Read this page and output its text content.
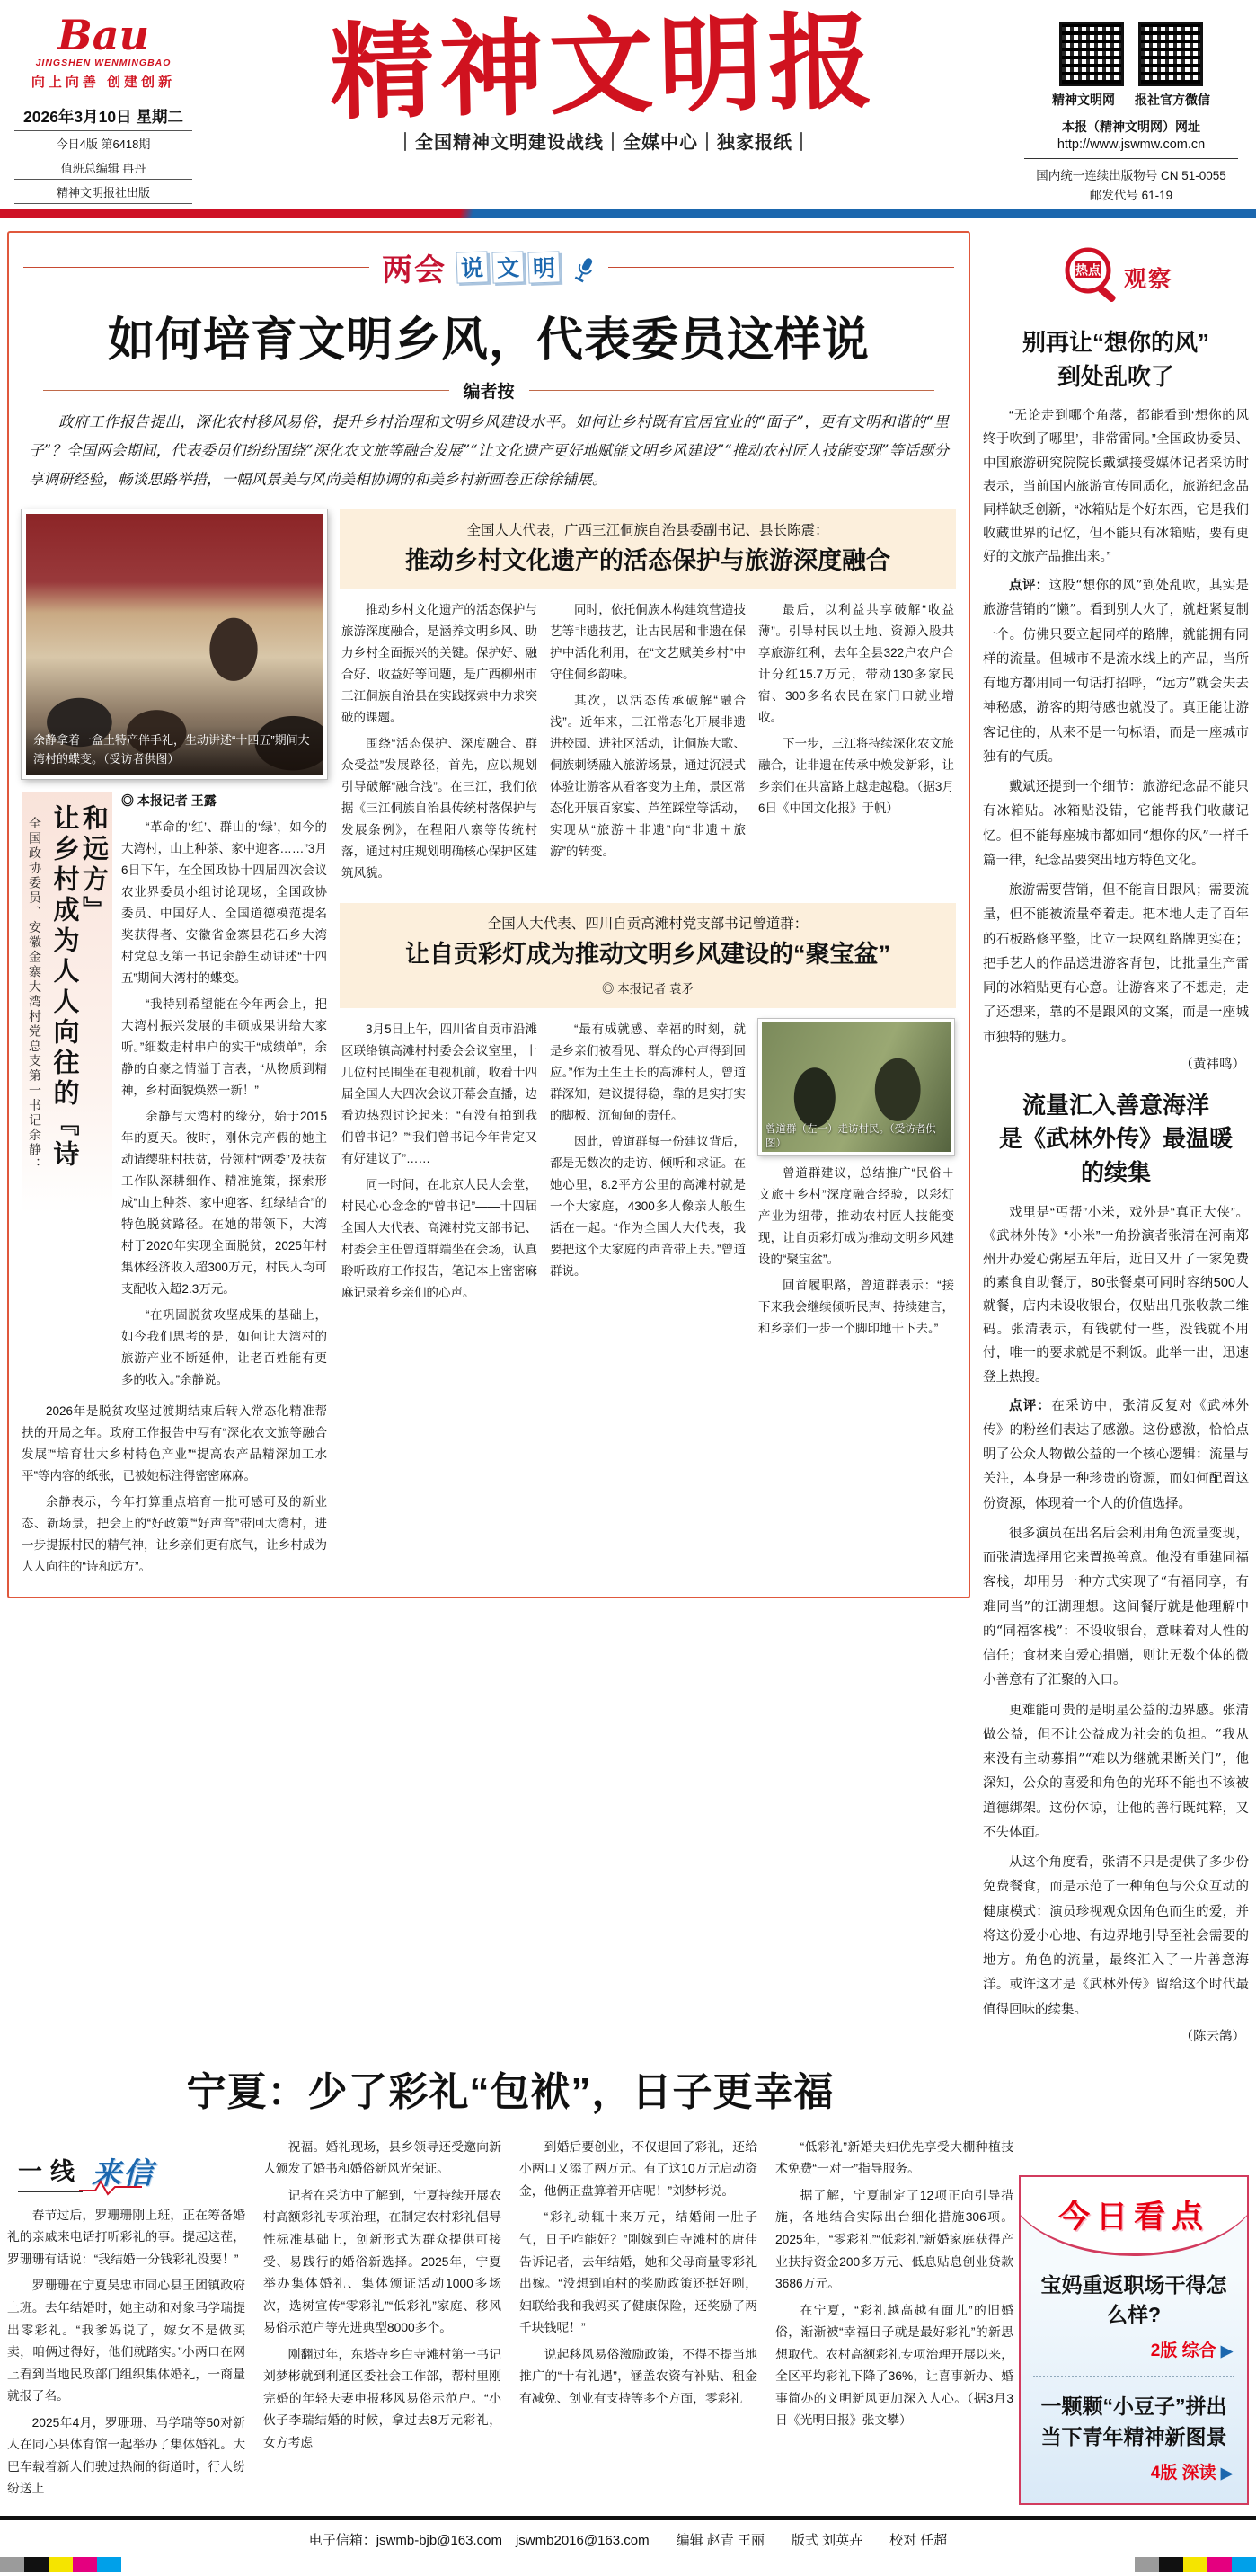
Bau
JINGSHEN WENMINGBAO
向上向善 创建创新
2026年3月10日 星期二
今日4版 第6418期
值班总编辑 冉丹
精神文明报社出版
精神文明报
｜全国精神文明建设战线｜全媒中心｜独家报纸｜
精神文明网 报社官方微信
本报（精神文明网）网址
http://www.jswmw.com.cn
国内统一连续出版物号 CN 51-0055
邮发代号 61-19
两会 说 文 明
如何培育文明乡风，代表委员这样说
编者按

政府工作报告提出，深化农村移风易俗，提升乡村治理和文明乡风建设水平。如何让乡村既有宜居宜业的“面子”，更有文明和谐的“里子”？全国两会期间，代表委员们纷纷围绕“深化农文旅等融合发展”“让文化遗产更好地赋能文明乡风建设”“推动农村匠人技能变现”等话题分享调研经验，畅谈思路举措，一幅风景美与风尚美相协调的和美乡村新画卷正徐徐铺展。

余静拿着一盒土特产伴手礼，生动讲述“十四五”期间大湾村的蝶变。（受访者供图）
全国政协委员、安徽金寨大湾村党总支第一书记余静： 让乡村成为人人向往的『诗和远方』
◎ 本报记者 王露

“革命的‘红’、群山的‘绿’，如今的大湾村，山上种茶、家中迎客……”3月6日下午，在全国政协十四届四次会议农业界委员小组讨论现场，全国政协委员、中国好人、全国道德模范提名奖获得者、安徽省金寨县花石乡大湾村党总支第一书记余静生动讲述“十四五”期间大湾村的蝶变。

“我特别希望能在今年两会上，把大湾村振兴发展的丰硕成果讲给大家听。”细数走村串户的实干“成绩单”，余静的自豪之情溢于言表，“从物质到精神，乡村面貌焕然一新！”

余静与大湾村的缘分，始于2015年的夏天。彼时，刚休完产假的她主动请缨驻村扶贫，带领村“两委”及扶贫工作队深耕细作、精准施策，探索形成“山上种茶、家中迎客、红绿结合”的特色脱贫路径。在她的带领下，大湾村于2020年实现全面脱贫，2025年村集体经济收入超300万元，村民人均可支配收入超2.3万元。

“在巩固脱贫攻坚成果的基础上，如今我们思考的是，如何让大湾村的旅游产业不断延伸，让老百姓能有更多的收入。”余静说。

2026年是脱贫攻坚过渡期结束后转入常态化精准帮扶的开局之年。政府工作报告中写有“深化农文旅等融合发展”“培育壮大乡村特色产业”“提高农产品精深加工水平”等内容的纸张，已被她标注得密密麻麻。

余静表示，今年打算重点培育一批可感可及的新业态、新场景，把会上的“好政策”“好声音”带回大湾村，进一步提振村民的精气神，让乡亲们更有底气，让乡村成为人人向往的“诗和远方”。

全国人大代表，广西三江侗族自治县委副书记、县长陈震：
推动乡村文化遗产的活态保护与旅游深度融合

推动乡村文化遗产的活态保护与旅游深度融合，是涵养文明乡风、助力乡村全面振兴的关键。保护好、融合好、收益好等问题，是广西柳州市三江侗族自治县在实践探索中力求突破的课题。

围绕“活态保护、深度融合、群众受益”发展路径，首先，应以规划引导破解“融合浅”。在三江，我们依据《三江侗族自治县传统村落保护与发展条例》，在程阳八寨等传统村落，通过村庄规划明确核心保护区建筑风貌。

同时，依托侗族木构建筑营造技艺等非遗技艺，让古民居和非遗在保护中活化利用，在“文艺赋美乡村”中守住侗乡韵味。

其次，以活态传承破解“融合浅”。近年来，三江常态化开展非遗进校园、进社区活动，让侗族大歌、侗族刺绣融入旅游场景，通过沉浸式体验让游客从看客变为主角，景区常态化开展百家宴、芦笙踩堂等活动，实现从“旅游＋非遗”向“非遗＋旅游”的转变。

最后，以利益共享破解“收益薄”。引导村民以土地、资源入股共享旅游红利，去年全县322户农户合计分红15.7万元，带动130多家民宿、300多名农民在家门口就业增收。

下一步，三江将持续深化农文旅融合，让非遗在传承中焕发新彩，让乡亲们在共富路上越走越稳。（据3月6日《中国文化报》于帆）

全国人大代表、四川自贡高滩村党支部书记曾道群：
让自贡彩灯成为推动文明乡风建设的“聚宝盆”
◎ 本报记者 袁矛

3月5日上午，四川省自贡市沿滩区联络镇高滩村村委会会议室里，十几位村民围坐在电视机前，收看十四届全国人大四次会议开幕会直播，边看边热烈讨论起来：“有没有拍到我们曾书记？”“我们曾书记今年肯定又有好建议了”……

同一时间，在北京人民大会堂，村民心心念念的“曾书记”——十四届全国人大代表、高滩村党支部书记、村委会主任曾道群端坐在会场，认真聆听政府工作报告，笔记本上密密麻麻记录着乡亲们的心声。

“最有成就感、幸福的时刻，就是乡亲们被看见、群众的心声得到回应。”作为土生土长的高滩村人，曾道群深知，建议提得稳，靠的是实打实的脚板、沉甸甸的责任。

因此，曾道群每一份建议背后，都是无数次的走访、倾听和求证。在她心里，8.2平方公里的高滩村就是一个大家庭，4300多人像亲人般生活在一起。“作为全国人大代表，我要把这个大家庭的声音带上去。”曾道群说。

曾道群（左一）走访村民。（受访者供图）

曾道群建议，总结推广“民俗＋文旅＋乡村”深度融合经验，以彩灯产业为纽带，推动农村匠人技能变现，让自贡彩灯成为推动文明乡风建设的“聚宝盆”。

回首履职路，曾道群表示：“接下来我会继续倾听民声、持续建言，和乡亲们一步一个脚印地干下去。”

热点 观察
别再让“想你的风”
到处乱吹了

“无论走到哪个角落，都能看到‘想你的风终于吹到了哪里’，非常雷同。”全国政协委员、中国旅游研究院院长戴斌接受媒体记者采访时表示，当前国内旅游宣传同质化，旅游纪念品同样缺乏创新，“冰箱贴是个好东西，它是我们收藏世界的记忆，但不能只有冰箱贴，要有更好的文旅产品推出来。”

点评：这股“想你的风”到处乱吹，其实是旅游营销的“懒”。看到别人火了，就赶紧复制一个。仿佛只要立起同样的路牌，就能拥有同样的流量。但城市不是流水线上的产品，当所有地方都用同一句话打招呼，“远方”就会失去神秘感，游客的期待感也就没了。真正能让游客记住的，从来不是一句标语，而是一座城市独有的气质。

戴斌还提到一个细节：旅游纪念品不能只有冰箱贴。冰箱贴没错，它能帮我们收藏记忆。但不能每座城市都如同“想你的风”一样千篇一律，纪念品要突出地方特色文化。

旅游需要营销，但不能盲目跟风；需要流量，但不能被流量牵着走。把本地人走了百年的石板路修平整，比立一块网红路牌更实在；把手艺人的作品送进游客背包，比批量生产雷同的冰箱贴更有心意。让游客来了不想走，走了还想来，靠的不是跟风的文案，而是一座城市独特的魅力。

（黄祎鸣）
流量汇入善意海洋
是《武林外传》最温暖的续集

戏里是“丐帮”小米，戏外是“真正大侠”。《武林外传》“小米”一角扮演者张清在河南郑州开办爱心粥屋五年后，近日又开了一家免费的素食自助餐厅，80张餐桌可同时容纳500人就餐，店内未设收银台，仅贴出几张收款二维码。张清表示，有钱就付一些，没钱就不用付，唯一的要求就是不剩饭。此举一出，迅速登上热搜。

点评：在采访中，张清反复对《武林外传》的粉丝们表达了感激。这份感激，恰恰点明了公众人物做公益的一个核心逻辑：流量与关注，本身是一种珍贵的资源，而如何配置这份资源，体现着一个人的价值选择。

很多演员在出名后会利用角色流量变现，而张清选择用它来置换善意。他没有重建同福客栈，却用另一种方式实现了“有福同享，有难同当”的江湖理想。这间餐厅就是他理解中的“同福客栈”：不设收银台，意味着对人性的信任；食材来自爱心捐赠，则让无数个体的微小善意有了汇聚的入口。

更难能可贵的是明星公益的边界感。张清做公益，但不让公益成为社会的负担。“我从来没有主动募捐”“难以为继就果断关门”，他深知，公众的喜爱和角色的光环不能也不该被道德绑架。这份体谅，让他的善行既纯粹，又不失体面。

从这个角度看，张清不只是提供了多少份免费餐食，而是示范了一种角色与公众互动的健康模式：演员珍视观众因角色而生的爱，并将这份爱小心地、有边界地引导至社会需要的地方。角色的流量，最终汇入了一片善意海洋。或许这才是《武林外传》留给这个时代最值得回味的续集。

（陈云鸽）
宁夏：少了彩礼“包袱”，日子更幸福
一线 来信

春节过后，罗珊珊刚上班，正在筹备婚礼的亲戚来电话打听彩礼的事。提起这茬，罗珊珊有话说：“我结婚一分钱彩礼没要！”

罗珊珊在宁夏吴忠市同心县王团镇政府上班。去年结婚时，她主动和对象马学瑞提出零彩礼。“我爹妈说了，嫁女不是做买卖，咱俩过得好，他们就踏实。”小两口在网上看到当地民政部门组织集体婚礼，一商量就报了名。

2025年4月，罗珊珊、马学瑞等50对新人在同心县体育馆一起举办了集体婚礼。大巴车载着新人们驶过热闹的街道时，行人纷纷送上

祝福。婚礼现场，县乡领导还受邀向新人颁发了婚书和婚俗新风光荣证。

记者在采访中了解到，宁夏持续开展农村高额彩礼专项治理，在制定农村彩礼倡导性标准基础上，创新形式为群众提供可接受、易践行的婚俗新选择。2025年，宁夏举办集体婚礼、集体颁证活动1000多场次，选树宣传“零彩礼”“低彩礼”家庭、移风易俗示范户等先进典型8000多个。

刚翻过年，东塔寺乡白寺滩村第一书记刘梦彬就到利通区委社会工作部，帮村里刚完婚的年轻夫妻申报移风易俗示范户。“小伙子李瑞结婚的时候，拿过去8万元彩礼，女方考虑

到婚后要创业，不仅退回了彩礼，还给小两口又添了两万元。有了这10万元启动资金，他俩正盘算着开店呢！”刘梦彬说。

“彩礼动辄十来万元，结婚闹一肚子气，日子咋能好？”刚嫁到白寺滩村的唐佳告诉记者，去年结婚，她和父母商量零彩礼出嫁。“没想到咱村的奖励政策还挺好咧，妇联给我和我妈买了健康保险，还奖励了两千块钱呢！”

说起移风易俗激励政策，不得不提当地推广的“十有礼遇”，涵盖农资有补贴、租金有减免、创业有支持等多个方面，零彩礼

“低彩礼”新婚夫妇优先享受大棚种植技术免费“一对一”指导服务。

据了解，宁夏制定了12项正向引导措施，各地结合实际出台细化措施306项。2025年，“零彩礼”“低彩礼”新婚家庭获得产业扶持资金200多万元、低息贴息创业贷款3686万元。

在宁夏，“彩礼越高越有面儿”的旧婚俗，渐渐被“幸福日子就是最好彩礼”的新思想取代。农村高额彩礼专项治理开展以来，全区平均彩礼下降了36%，让喜事新办、婚事简办的文明新风更加深入人心。（据3月3日《光明日报》张文攀）

今日看点
宝妈重返职场干得怎么样?
2版 综合 ▶
一颗颗“小豆子”拼出当下青年精神新图景
4版 深读 ▶
电子信箱：jswmb-bjb@163.com　jswmb2016@163.com　　编辑 赵青 王丽　　版式 刘英卉　　校对 任超
